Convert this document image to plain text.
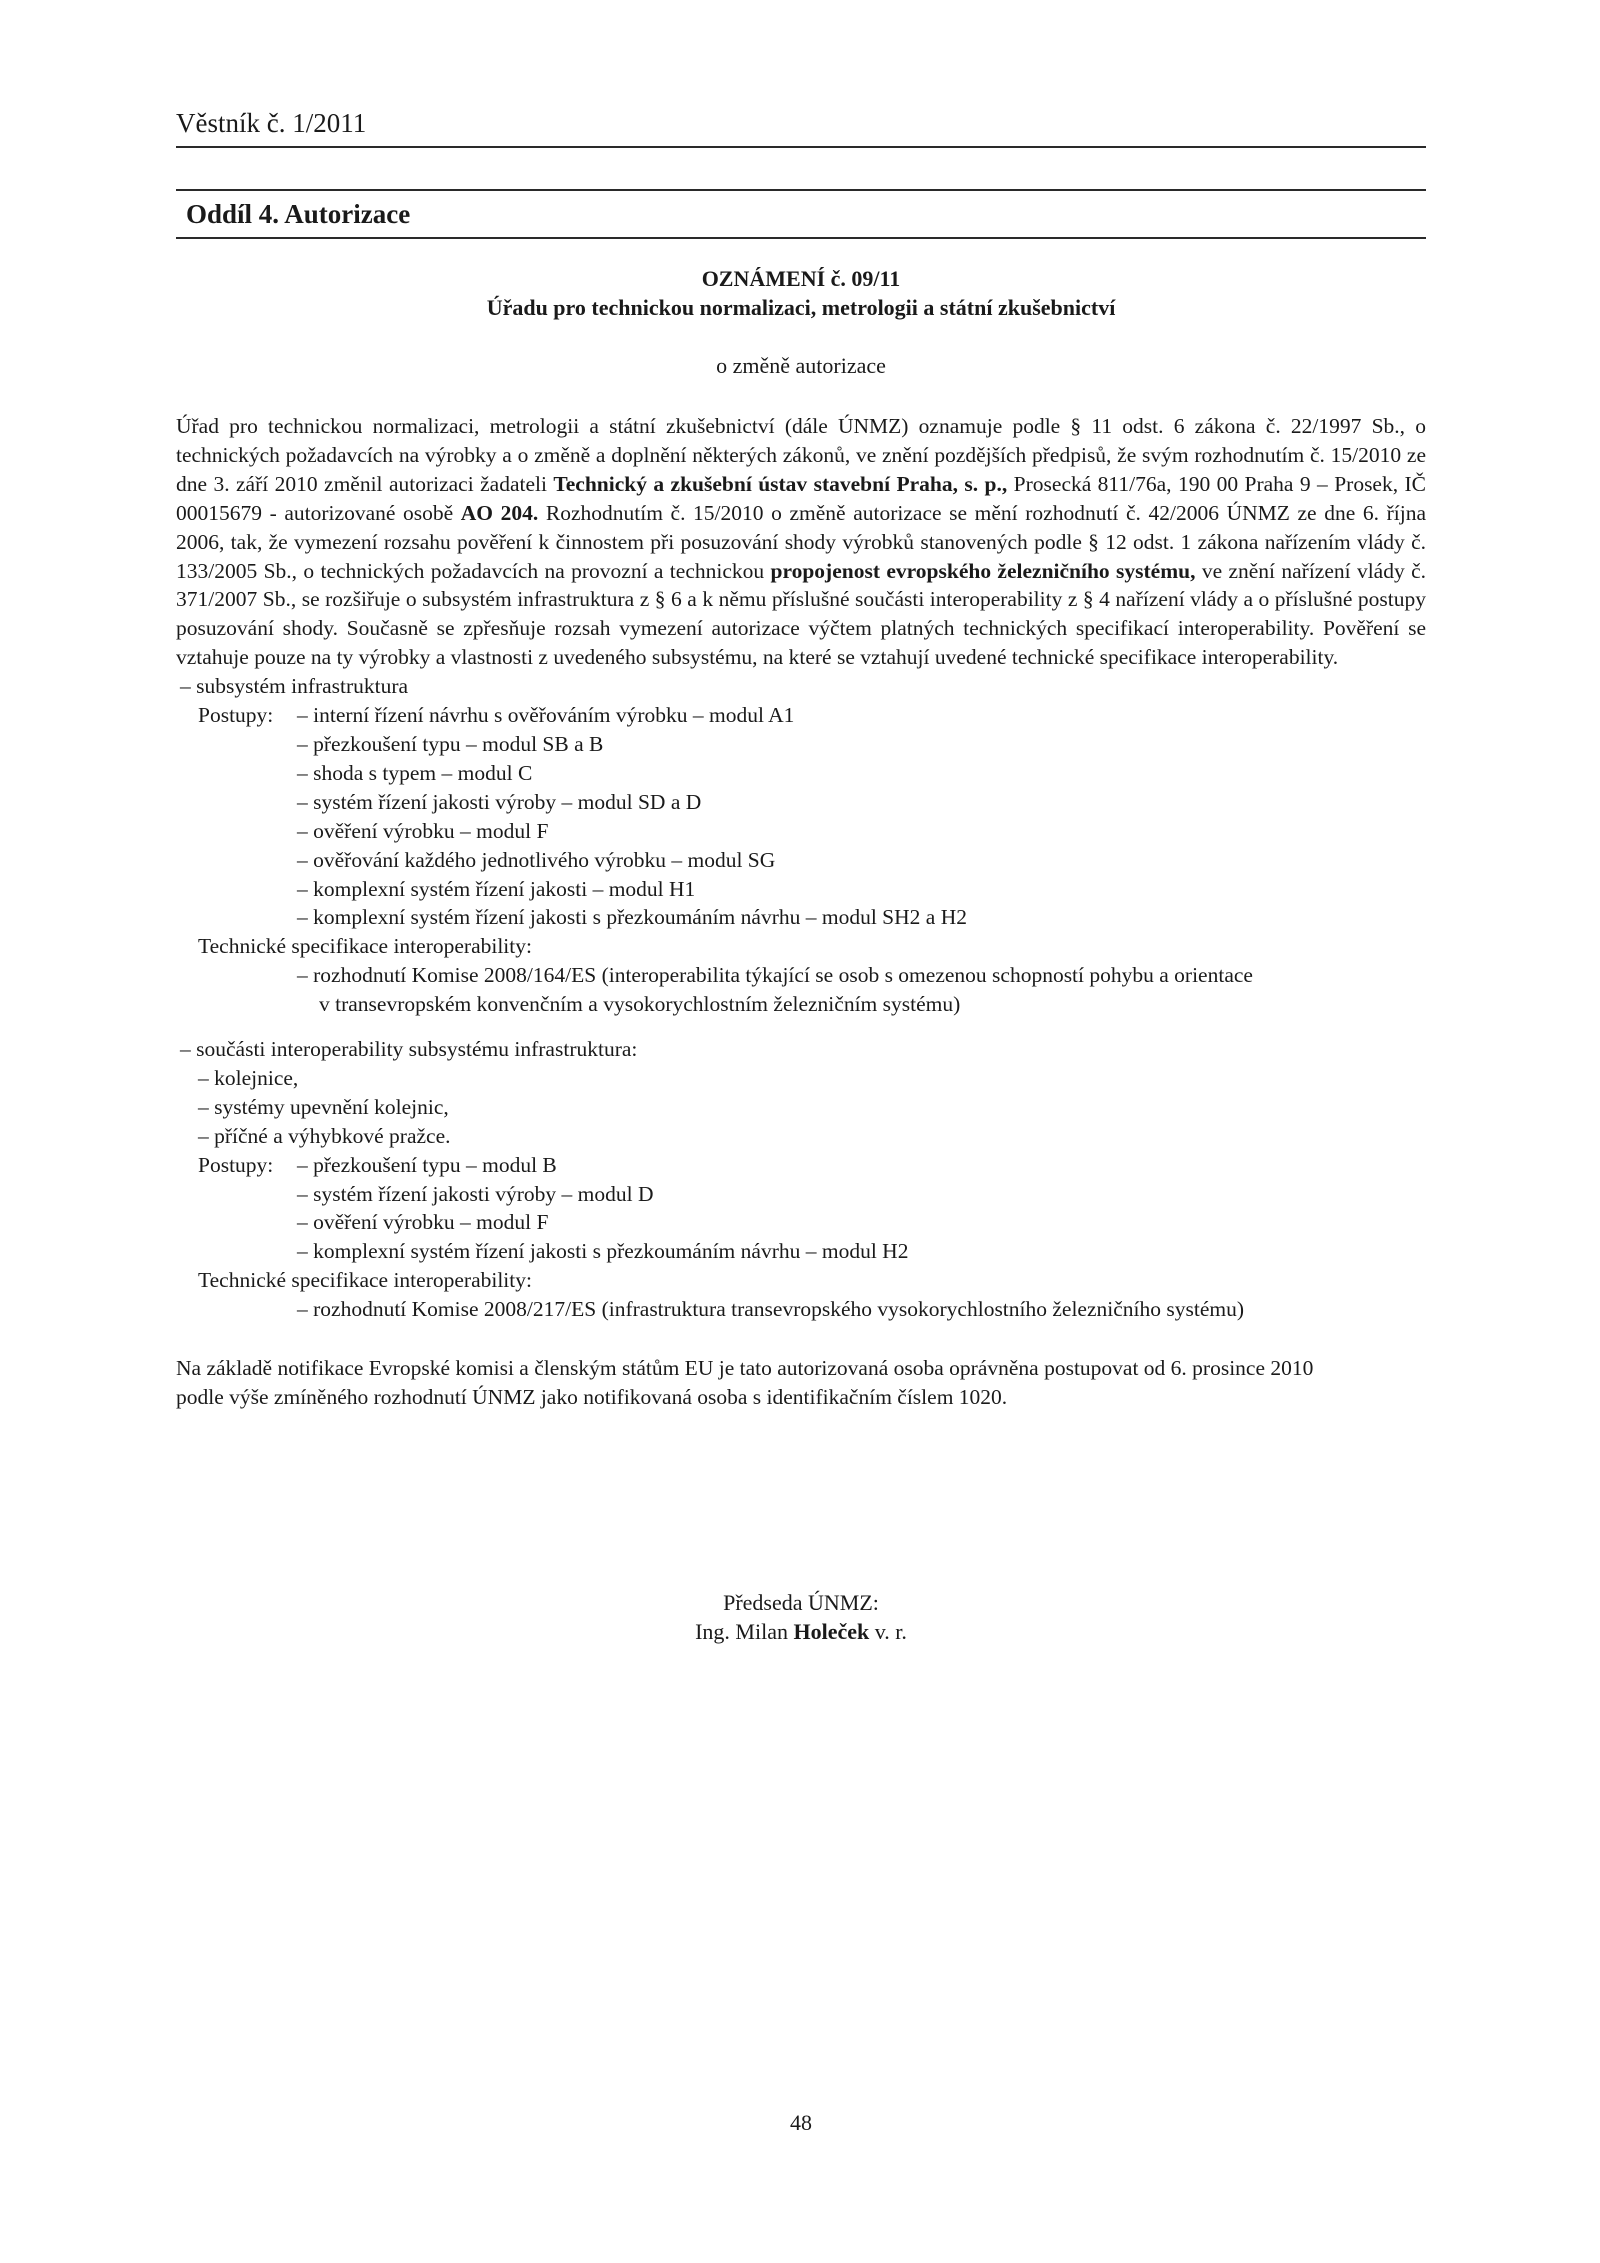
Věstník č. 1/2011
Oddíl 4. Autorizace
OZNÁMENÍ č. 09/11
Úřadu pro technickou normalizaci, metrologii a státní zkušebnictví
o změně autorizace

Úřad pro technickou normalizaci, metrologii a státní zkušebnictví (dále ÚNMZ) oznamuje podle § 11 odst. 6 zákona č. 22/1997 Sb., o technických požadavcích na výrobky a o změně a doplnění některých zákonů, ve znění pozdějších předpisů, že svým rozhodnutím č. 15/2010 ze dne 3. září 2010 změnil autorizaci žadateli Technický a zkušební ústav stavební Praha, s. p., Prosecká 811/76a, 190 00 Praha 9 – Prosek, IČ 00015679 - autorizované osobě AO 204. Rozhodnutím č. 15/2010 o změně autorizace se mění rozhodnutí č. 42/2006 ÚNMZ ze dne 6. října 2006, tak, že vymezení rozsahu pověření k činnostem při posuzování shody výrobků stanovených podle § 12 odst. 1 zákona nařízením vlády č. 133/2005 Sb., o technických požadavcích na provozní a technickou propojenost evropského železničního systému, ve znění nařízení vlády č. 371/2007 Sb., se rozšiřuje o subsystém infrastruktura z § 6 a k němu příslušné součásti interoperability z § 4 nařízení vlády a o příslušné postupy posuzování shody. Současně se zpřesňuje rozsah vymezení autorizace výčtem platných technických specifikací interoperability. Pověření se vztahuje pouze na ty výrobky a vlastnosti z uvedeného subsystému, na které se vztahují uvedené technické specifikace interoperability.

– subsystém infrastruktura
Postupy: – interní řízení návrhu s ověřováním výrobku – modul A1
– přezkoušení typu – modul SB a B
– shoda s typem – modul C
– systém řízení jakosti výroby – modul SD a D
– ověření výrobku – modul F
– ověřování každého jednotlivého výrobku – modul SG
– komplexní systém řízení jakosti – modul H1
– komplexní systém řízení jakosti s přezkoumáním návrhu – modul SH2 a H2
Technické specifikace interoperability:
– rozhodnutí Komise 2008/164/ES (interoperabilita týkající se osob s omezenou schopností pohybu a orientace
v transevropském konvenčním a vysokorychlostním železničním systému)
– součásti interoperability subsystému infrastruktura:
– kolejnice,
– systémy upevnění kolejnic,
– příčné a výhybkové pražce.
Postupy: – přezkoušení typu – modul B
– systém řízení jakosti výroby – modul D
– ověření výrobku – modul F
– komplexní systém řízení jakosti s přezkoumáním návrhu – modul H2
Technické specifikace interoperability:
– rozhodnutí Komise 2008/217/ES (infrastruktura transevropského vysokorychlostního železničního systému)
Na základě notifikace Evropské komisi a členským státům EU je tato autorizovaná osoba oprávněna postupovat od 6. prosince 2010
podle výše zmíněného rozhodnutí ÚNMZ jako notifikovaná osoba s identifikačním číslem 1020.
Předseda ÚNMZ:
Ing. Milan Holeček v. r.
48
